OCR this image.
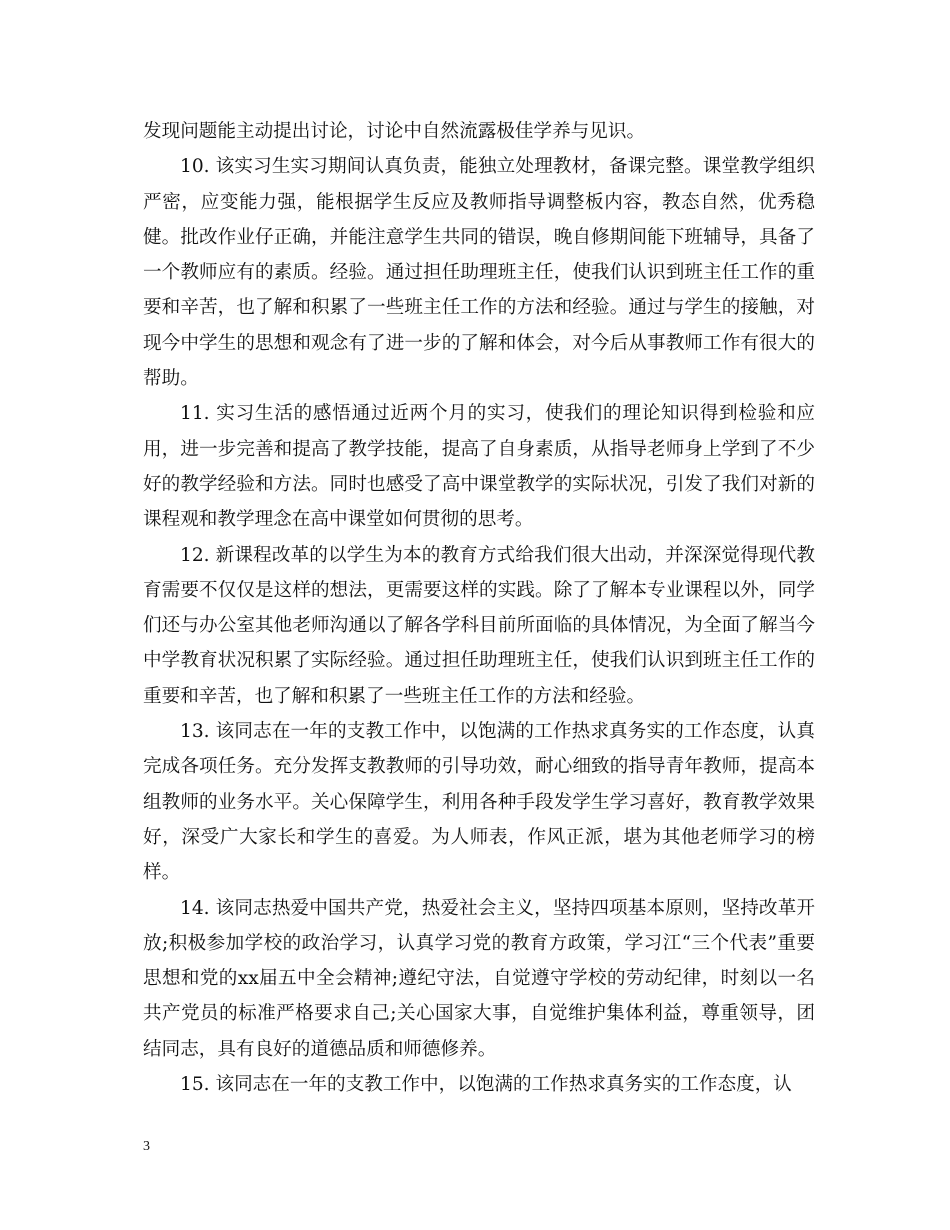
发现问题能主动提出讨论，讨论中自然流露极佳学养与见识。

10. 该实习生实习期间认真负责，能独立处理教材，备课完整。课堂教学组织严密，应变能力强，能根据学生反应及教师指导调整板内容，教态自然，优秀稳健。批改作业仔正确，并能注意学生共同的错误，晚自修期间能下班辅导，具备了一个教师应有的素质。经验。通过担任助理班主任，使我们认识到班主任工作的重要和辛苦，也了解和积累了一些班主任工作的方法和经验。通过与学生的接触，对现今中学生的思想和观念有了进一步的了解和体会，对今后从事教师工作有很大的帮助。

11. 实习生活的感悟通过近两个月的实习，使我们的理论知识得到检验和应用，进一步完善和提高了教学技能，提高了自身素质，从指导老师身上学到了不少好的教学经验和方法。同时也感受了高中课堂教学的实际状况，引发了我们对新的课程观和教学理念在高中课堂如何贯彻的思考。

12. 新课程改革的以学生为本的教育方式给我们很大出动，并深深觉得现代教育需要不仅仅是这样的想法，更需要这样的实践。除了了解本专业课程以外，同学们还与办公室其他老师沟通以了解各学科目前所面临的具体情况，为全面了解当今中学教育状况积累了实际经验。通过担任助理班主任，使我们认识到班主任工作的重要和辛苦，也了解和积累了一些班主任工作的方法和经验。

13. 该同志在一年的支教工作中，以饱满的工作热求真务实的工作态度，认真完成各项任务。充分发挥支教教师的引导功效，耐心细致的指导青年教师，提高本组教师的业务水平。关心保障学生，利用各种手段发学生学习喜好，教育教学效果好，深受广大家长和学生的喜爱。为人师表，作风正派，堪为其他老师学习的榜样。

14. 该同志热爱中国共产党，热爱社会主义，坚持四项基本原则，坚持改革开放;积极参加学校的政治学习，认真学习党的教育方政策，学习江“三个代表”重要思想和党的xx届五中全会精神;遵纪守法，自觉遵守学校的劳动纪律，时刻以一名共产党员的标准严格要求自己;关心国家大事，自觉维护集体利益，尊重领导，团结同志，具有良好的道德品质和师德修养。

15. 该同志在一年的支教工作中，以饱满的工作热求真务实的工作态度，认

3
